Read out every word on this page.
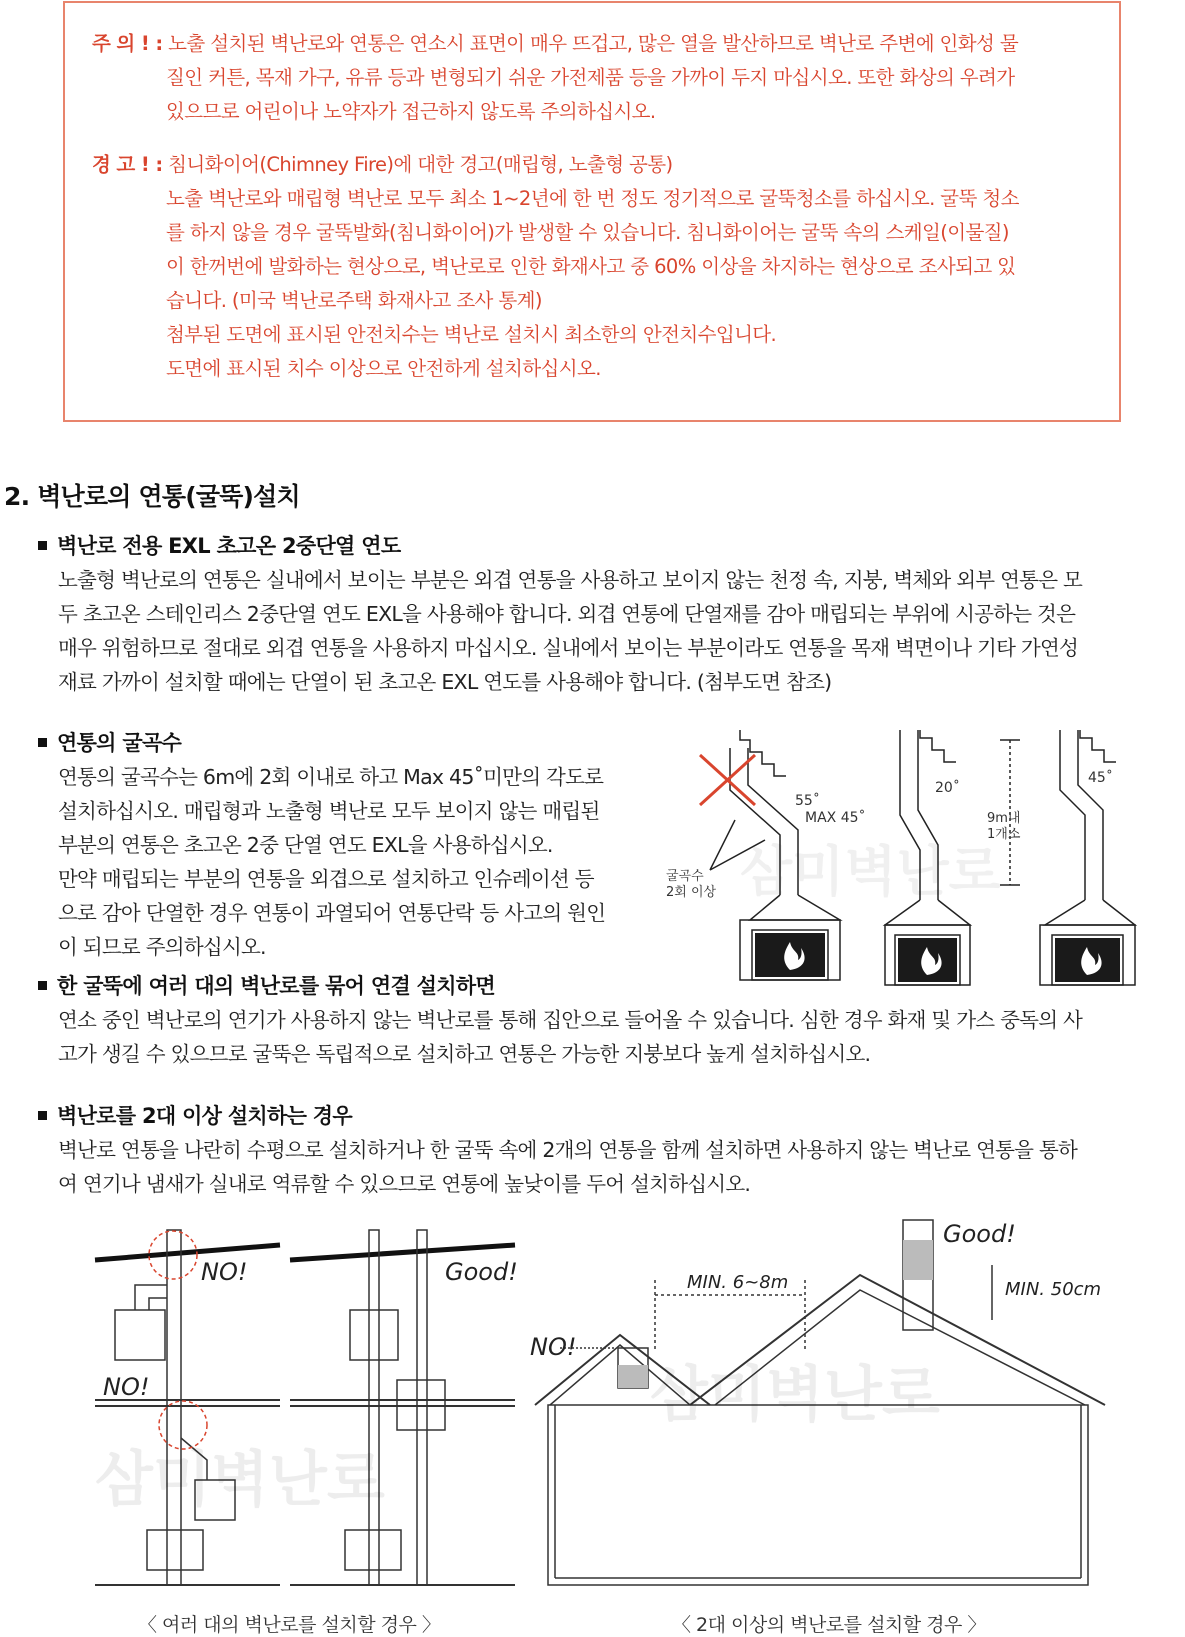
주 의 ! : 노출 설치된 벽난로와 연통은 연소시 표면이 매우 뜨겁고, 많은 열을 발산하므로 벽난로 주변에 인화성 물
질인 커튼, 목재 가구, 유류 등과 변형되기 쉬운 가전제품 등을 가까이 두지 마십시오. 또한 화상의 우려가
있으므로 어린이나 노약자가 접근하지 않도록 주의하십시오.
경 고 ! : 침니화이어(Chimney Fire)에 대한 경고(매립형, 노출형 공통)
노출 벽난로와 매립형 벽난로 모두 최소 1~2년에 한 번 정도 정기적으로 굴뚝청소를 하십시오. 굴뚝 청소
를 하지 않을 경우 굴뚝발화(침니화이어)가 발생할 수 있습니다. 침니화이어는 굴뚝 속의 스케일(이물질)
이 한꺼번에 발화하는 현상으로, 벽난로로 인한 화재사고 중 60% 이상을 차지하는 현상으로 조사되고 있
습니다. (미국 벽난로주택 화재사고 조사 통계)
첨부된 도면에 표시된 안전치수는 벽난로 설치시 최소한의 안전치수입니다.
도면에 표시된 치수 이상으로 안전하게 설치하십시오.
2. 벽난로의 연통(굴뚝)설치
벽난로 전용 EXL 초고온 2중단열 연도
노출형 벽난로의 연통은 실내에서 보이는 부분은 외겹 연통을 사용하고 보이지 않는 천정 속, 지붕, 벽체와 외부 연통은 모
두 초고온 스테인리스 2중단열 연도 EXL을 사용해야 합니다. 외겹 연통에 단열재를 감아 매립되는 부위에 시공하는 것은
매우 위험하므로 절대로 외겹 연통을 사용하지 마십시오. 실내에서 보이는 부분이라도 연통을 목재 벽면이나 기타 가연성
재료 가까이 설치할 때에는 단열이 된 초고온 EXL 연도를 사용해야 합니다. (첨부도면 참조)
연통의 굴곡수
연통의 굴곡수는 6m에 2회 이내로 하고 Max 45˚미만의 각도로
설치하십시오. 매립형과 노출형 벽난로 모두 보이지 않는 매립된
부분의 연통은 초고온 2중 단열 연도 EXL을 사용하십시오.
만약 매립되는 부분의 연통을 외겹으로 설치하고 인슈레이션 등
으로 감아 단열한 경우 연통이 과열되어 연통단락 등 사고의 원인
이 되므로 주의하십시오.
55˚
MAX 45˚
20˚
45˚
9m내
1개소
굴곡수
2회 이상 삼미벽난로
한 굴뚝에 여러 대의 벽난로를 묶어 연결 설치하면
연소 중인 벽난로의 연기가 사용하지 않는 벽난로를 통해 집안으로 들어올 수 있습니다. 심한 경우 화재 및 가스 중독의 사
고가 생길 수 있으므로 굴뚝은 독립적으로 설치하고 연통은 가능한 지붕보다 높게 설치하십시오.
벽난로를 2대 이상 설치하는 경우
벽난로 연통을 나란히 수평으로 설치하거나 한 굴뚝 속에 2개의 연통을 함께 설치하면 사용하지 않는 벽난로 연통을 통하
여 연기나 냄새가 실내로 역류할 수 있으므로 연통에 높낮이를 두어 설치하십시오.
NO!
NO!
Good!
삼미벽난로
〈 여러 대의 벽난로를 설치할 경우 〉
MIN. 6~8m	MIN. 50cm
NO!
Good!
삼미벽난로
〈 2대 이상의 벽난로를 설치할 경우 〉
